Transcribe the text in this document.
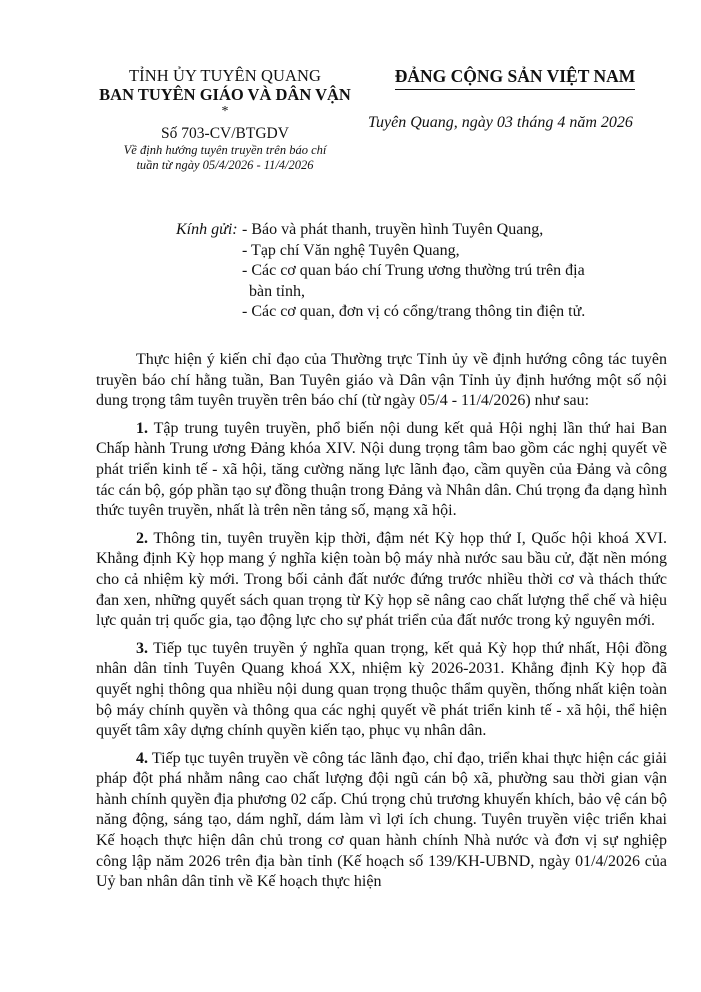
TỈNH ỦY TUYÊN QUANG
BAN TUYÊN GIÁO VÀ DÂN VẬN
*
Số 703-CV/BTGDV
Về định hướng tuyên truyền trên báo chí
tuần từ ngày 05/4/2026 - 11/4/2026
ĐẢNG CỘNG SẢN VIỆT NAM
Tuyên Quang, ngày 03 tháng 4 năm 2026
Kính gửi: - Báo và phát thanh, truyền hình Tuyên Quang,
- Tạp chí Văn nghệ Tuyên Quang,
- Các cơ quan báo chí Trung ương thường trú trên địa
bàn tỉnh,
- Các cơ quan, đơn vị có cổng/trang thông tin điện tử.

Thực hiện ý kiến chỉ đạo của Thường trực Tỉnh ủy về định hướng công tác tuyên truyền báo chí hằng tuần, Ban Tuyên giáo và Dân vận Tỉnh ủy định hướng một số nội dung trọng tâm tuyên truyền trên báo chí (từ ngày 05/4 - 11/4/2026) như sau:

1. Tập trung tuyên truyền, phổ biến nội dung kết quả Hội nghị lần thứ hai Ban Chấp hành Trung ương Đảng khóa XIV. Nội dung trọng tâm bao gồm các nghị quyết về phát triển kinh tế - xã hội, tăng cường năng lực lãnh đạo, cầm quyền của Đảng và công tác cán bộ, góp phần tạo sự đồng thuận trong Đảng và Nhân dân. Chú trọng đa dạng hình thức tuyên truyền, nhất là trên nền tảng số, mạng xã hội.

2. Thông tin, tuyên truyền kịp thời, đậm nét Kỳ họp thứ I, Quốc hội khoá XVI. Khẳng định Kỳ họp mang ý nghĩa kiện toàn bộ máy nhà nước sau bầu cử, đặt nền móng cho cả nhiệm kỳ mới. Trong bối cảnh đất nước đứng trước nhiều thời cơ và thách thức đan xen, những quyết sách quan trọng từ Kỳ họp sẽ nâng cao chất lượng thể chế và hiệu lực quản trị quốc gia, tạo động lực cho sự phát triển của đất nước trong kỷ nguyên mới.

3. Tiếp tục tuyên truyền ý nghĩa quan trọng, kết quả Kỳ họp thứ nhất, Hội đồng nhân dân tỉnh Tuyên Quang khoá XX, nhiệm kỳ 2026-2031. Khẳng định Kỳ họp đã quyết nghị thông qua nhiều nội dung quan trọng thuộc thẩm quyền, thống nhất kiện toàn bộ máy chính quyền và thông qua các nghị quyết về phát triển kinh tế - xã hội, thể hiện quyết tâm xây dựng chính quyền kiến tạo, phục vụ nhân dân.

4. Tiếp tục tuyên truyền về công tác lãnh đạo, chỉ đạo, triển khai thực hiện các giải pháp đột phá nhằm nâng cao chất lượng đội ngũ cán bộ xã, phường sau thời gian vận hành chính quyền địa phương 02 cấp. Chú trọng chủ trương khuyến khích, bảo vệ cán bộ năng động, sáng tạo, dám nghĩ, dám làm vì lợi ích chung. Tuyên truyền việc triển khai Kế hoạch thực hiện dân chủ trong cơ quan hành chính Nhà nước và đơn vị sự nghiệp công lập năm 2026 trên địa bàn tỉnh (Kế hoạch số 139/KH-UBND, ngày 01/4/2026 của Uỷ ban nhân dân tỉnh về Kế hoạch thực hiện
